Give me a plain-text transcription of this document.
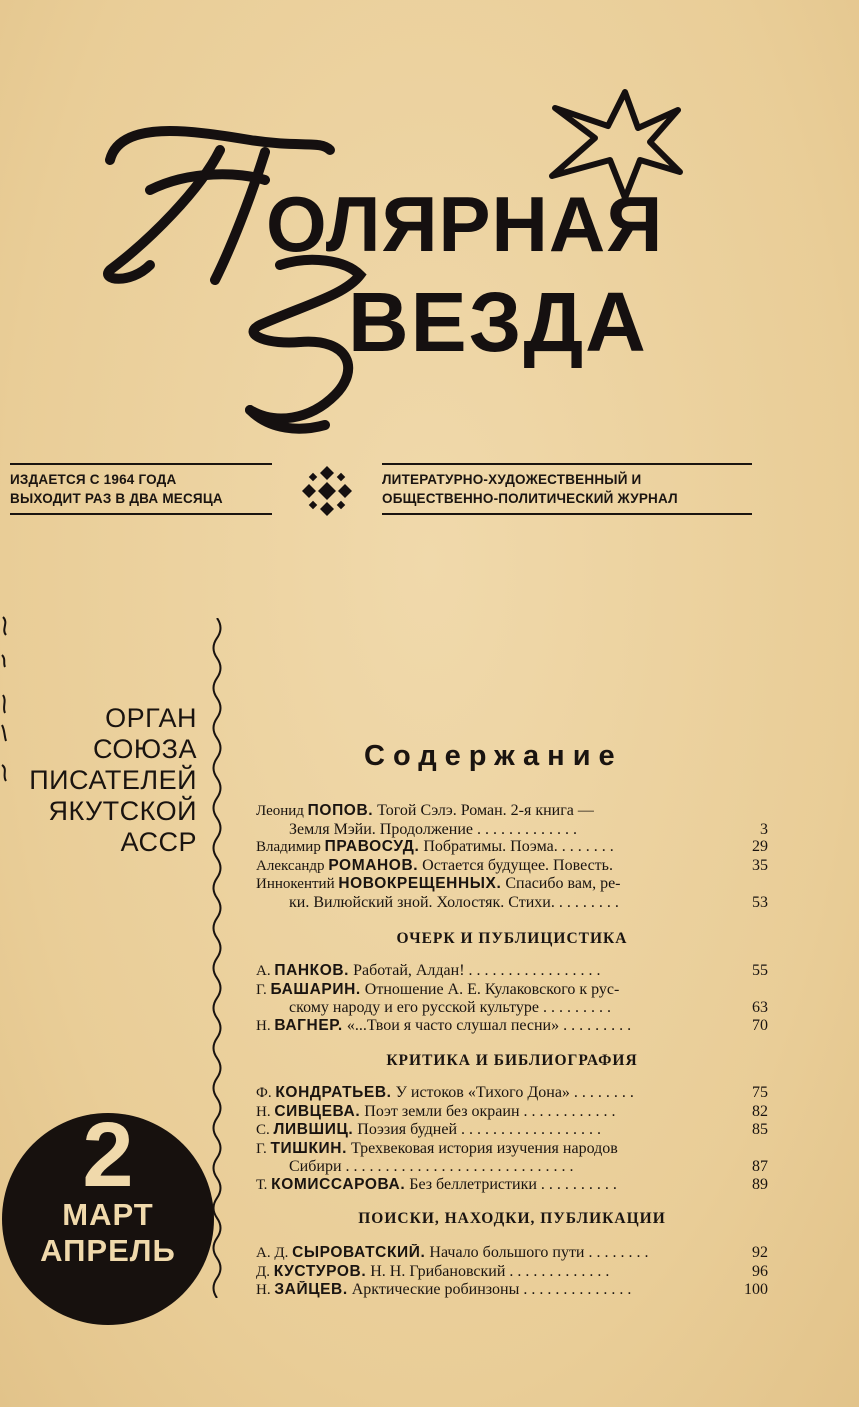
ОЛЯРНАЯ
ВЕЗДА
ИЗДАЕТСЯ С 1964 ГОДА
ВЫХОДИТ РАЗ В ДВА МЕСЯЦА
ЛИТЕРАТУРНО-ХУДОЖЕСТВЕННЫЙ И
ОБЩЕСТВЕННО-ПОЛИТИЧЕСКИЙ ЖУРНАЛ
ОРГАН
СОЮЗА
ПИСАТЕЛЕЙ
ЯКУТСКОЙ
АССР
2
МАРТ
АПРЕЛЬ
Содержание
Леонид ПОПОВ. Тогой Сэлэ. Роман. 2-я книга —
Земля Мэйи. Продолжение . . . . . . . . . . . . .	3
Владимир ПРАВОСУД. Побратимы. Поэма. . . . . . . .	29
Александр РОМАНОВ. Остается будущее. Повесть.	35
Иннокентий НОВОКРЕЩЕННЫХ. Спасибо вам, ре-
ки. Вилюйский зной. Холостяк. Стихи. . . . . . . . .	53
ОЧЕРК И ПУБЛИЦИСТИКА
А. ПАНКОВ. Работай, Алдан! . . . . . . . . . . . . . . . . .	55
Г. БАШАРИН. Отношение А. Е. Кулаковского к рус-
скому народу и его русской культуре . . . . . . . . .	63
Н. ВАГНЕР. «...Твои я часто слушал песни» . . . . . . . . .	70
КРИТИКА И БИБЛИОГРАФИЯ
Ф. КОНДРАТЬЕВ. У истоков «Тихого Дона» . . . . . . . .	75
Н. СИВЦЕВА. Поэт земли без окраин . . . . . . . . . . . .	82
С. ЛИВШИЦ. Поэзия будней . . . . . . . . . . . . . . . . . .	85
Г. ТИШКИН. Трехвековая история изучения народов
Сибири . . . . . . . . . . . . . . . . . . . . . . . . . . . . .	87
Т. КОМИССАРОВА. Без беллетристики . . . . . . . . . .	89
ПОИСКИ, НАХОДКИ, ПУБЛИКАЦИИ
А. Д. СЫРОВАТСКИЙ. Начало большого пути . . . . . . . .	92
Д. КУСТУРОВ. Н. Н. Грибановский . . . . . . . . . . . . .	96
Н. ЗАЙЦЕВ. Арктические робинзоны . . . . . . . . . . . . . .	100
